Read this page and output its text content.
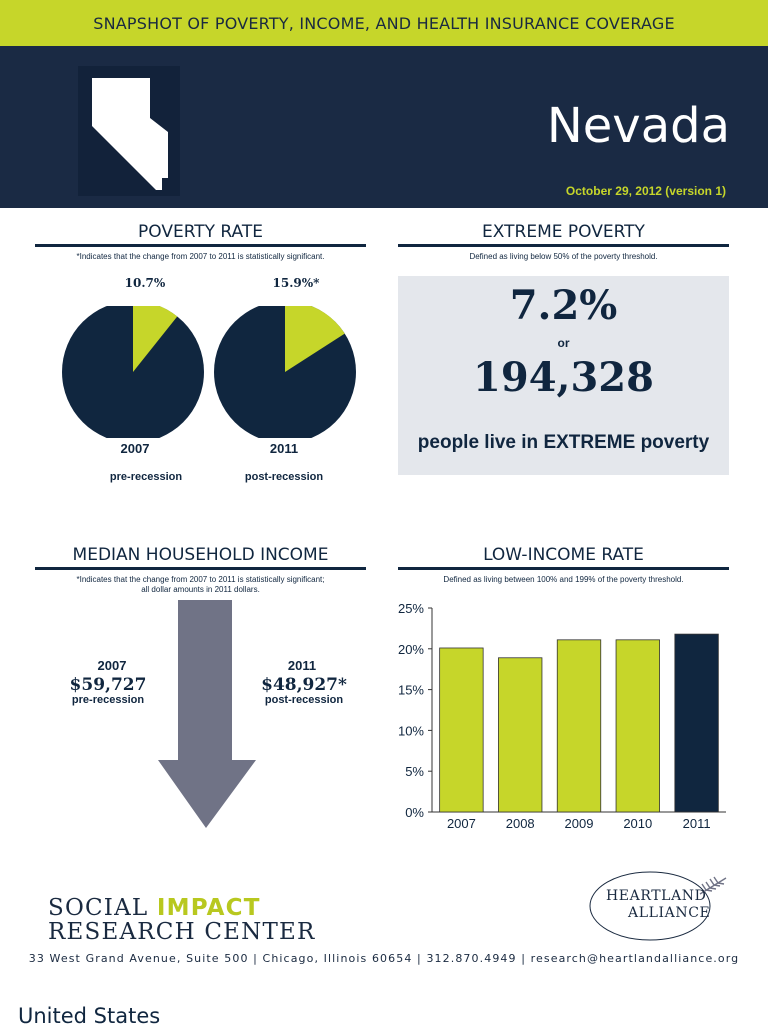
SNAPSHOT OF POVERTY, INCOME, AND HEALTH INSURANCE COVERAGE
Nevada
October 29, 2012 (version 1)
POVERTY RATE
*Indicates that the change from 2007 to 2011 is statistically significant.
10.7%	15.9%*
2007	2011
pre-recession	post-recession
EXTREME POVERTY
Defined as living below 50% of the poverty threshold.
7.2%
or
194,328
people live in EXTREME poverty
MEDIAN HOUSEHOLD INCOME
*Indicates that the change from 2007 to 2011 is statistically significant;
all dollar amounts in 2011 dollars.
2007
$59,727
pre-recession
2011
$48,927*
post-recession
LOW-INCOME RATE
Defined as living between 100% and 199% of the poverty threshold.
0%
5%
10%
15%
20%
25%
2007 2008 2009 2010 2011
SOCIAL IMPACT
RESEARCH CENTER
HEARTLAND
ALLIANCE
33 West Grand Avenue, Suite 500 | Chicago, Illinois 60654 | 312.870.4949 | research@heartlandalliance.org
United States
